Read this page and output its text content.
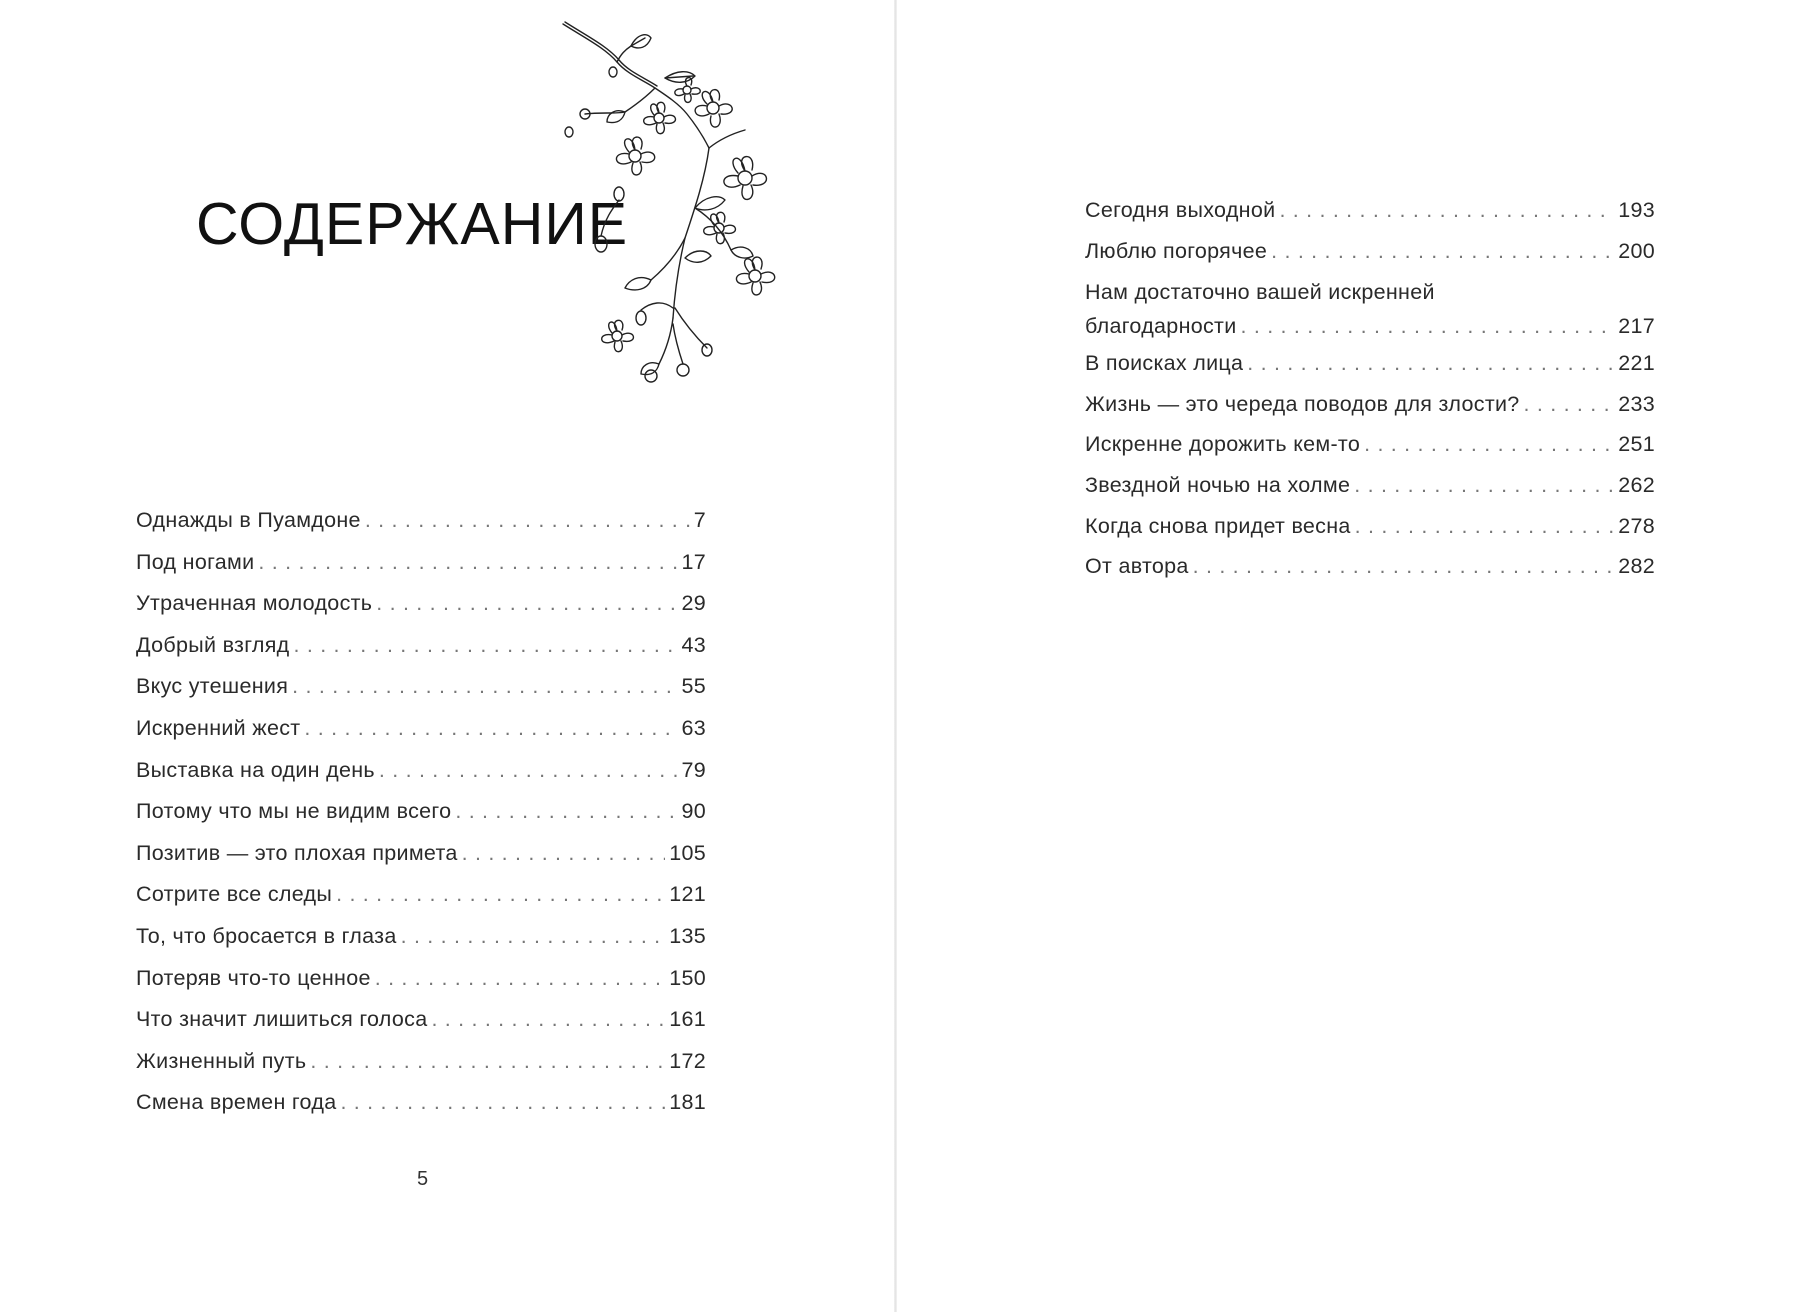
СОДЕРЖАНИЕ
Однажды в Пуамдоне . . .	7
Под ногами . . .	17
Утраченная молодость . . .	29
Добрый взгляд . . .	43
Вкус утешения . . .	55
Искренний жест . . .	63
Выставка на один день . . .	79
Потому что мы не видим всего . . .	90
Позитив — это плохая примета . . .	105
Сотрите все следы . . .	121
То, что бросается в глаза . . .	135
Потеряв что-то ценное . . .	150
Что значит лишиться голоса . . .	161
Жизненный путь . . .	172
Смена времен года . . .	181
5
Сегодня выходной . . .	193
Люблю погорячее . . .	200
Нам достаточно вашей искренней
благодарности . . .	217
В поисках лица . . .	221
Жизнь — это череда поводов для злости? . . .	233
Искренне дорожить кем-то . . .	251
Звездной ночью на холме . . .	262
Когда снова придет весна . . .	278
От автора . . .	282
